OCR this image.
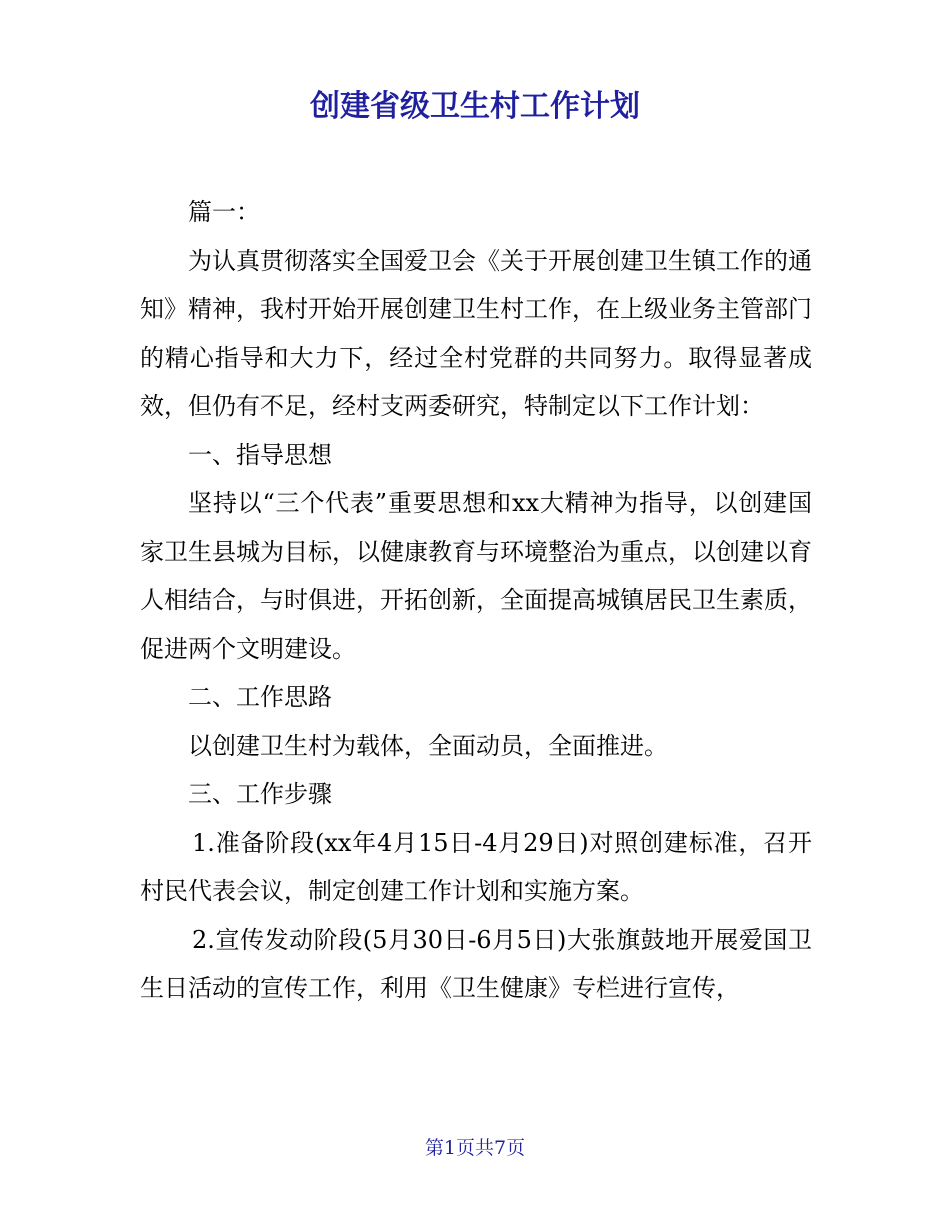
创建省级卫生村工作计划

篇一：

为认真贯彻落实全国爱卫会《关于开展创建卫生镇工作的通知》精神，我村开始开展创建卫生村工作，在上级业务主管部门的精心指导和大力下，经过全村党群的共同努力。取得显著成效，但仍有不足，经村支两委研究，特制定以下工作计划：

一、指导思想

坚持以“三个代表”重要思想和xx大精神为指导，以创建国家卫生县城为目标，以健康教育与环境整治为重点，以创建以育人相结合，与时俱进，开拓创新，全面提高城镇居民卫生素质，促进两个文明建设。

二、工作思路

以创建卫生村为载体，全面动员，全面推进。

三、工作步骤

1.准备阶段(xx年4月15日-4月29日)对照创建标准，召开村民代表会议，制定创建工作计划和实施方案。

2.宣传发动阶段(5月30日-6月5日)大张旗鼓地开展爱国卫生日活动的宣传工作，利用《卫生健康》专栏进行宣传，

第1页共7页
